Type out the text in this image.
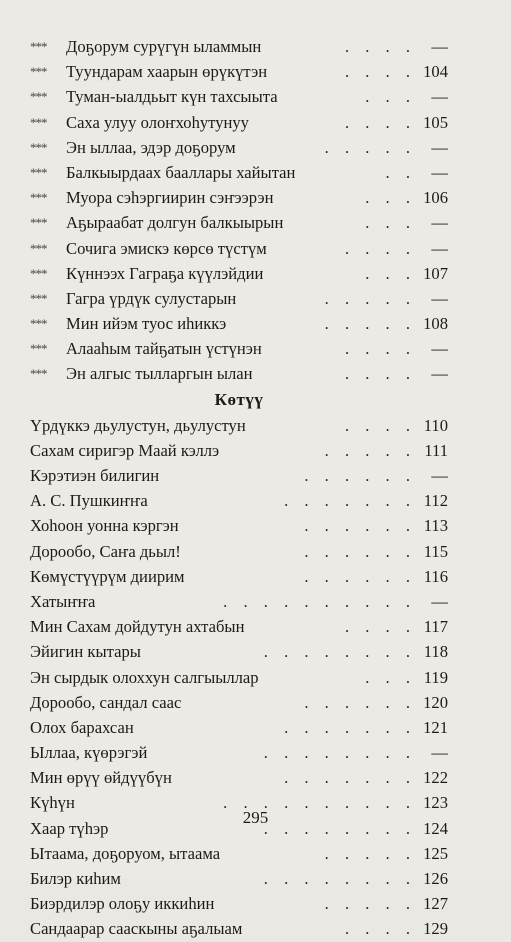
*** Доҕорум сурүгүн ыламмын	. . . . —
*** Туундарам хаарын өрүкүтэн	. . . . 104
*** Туман-ыалдьыт күн тахсыыта	. . . —
*** Саха улуу олоҥхоһутунуу	. . . . 105
*** Эн ыллаа, эдэр доҕорум	. . . . . —
*** Балкыырдаах бааллары хайытан	. . —
*** Муора сэһэргиирин сэҥээрэн	. . . 106
*** Аҕыраабат долгун балкыырын	. . . —
*** Сочига эмискэ көрсө түстүм	. . . . —
*** Күннээх Гаграҕа күүлэйдии	. . . 107
*** Гагра үрдүк сулустарын	. . . . . —
*** Мин ийэм туос иһиккэ	. . . . . 108
*** Алааһым тайҕатын үстүнэн	. . . . —
*** Эн алгыс тылларгын ылан	. . . . —
Көтүү
Үрдүккэ дьулустун, дьулустун	. . . . 110
Сахам сиригэр Маай кэллэ	. . . . . 111
Кэрэтиэн билигин	. . . . . . —
А. С. Пушкиҥҥа	. . . . . . . 112
Хоһоон уонна кэргэн	. . . . . . 113
Дорообо, Саҥа дьыл!	. . . . . . 115
Көмүстүүрүм диирим	. . . . . . 116
Хатыҥҥа	. . . . . . . . . . —
Мин Сахам дойдутун ахтабын	. . . . 117
Эйигин кытары	. . . . . . . . 118
Эн сырдык олоххун салгыыллар	. . . 119
Дорообо, сандал саас	. . . . . . 120
Олох барахсан	. . . . . . . 121
Ыллаа, күөрэгэй	. . . . . . . . —
Мин өрүү өйдүүбүн	. . . . . . . 122
Күһүн	. . . . . . . . . . 123
Хаар түһэр	. . . . . . . . 124
Ытаама, доҕоруом, ытаама	. . . . . 125
Билэр киһим	. . . . . . . . 126
Биэрдилэр олоҕу иккиһин	. . . . . 127
Сандаарар сааскыны аҕалыам	. . . . 129
295
